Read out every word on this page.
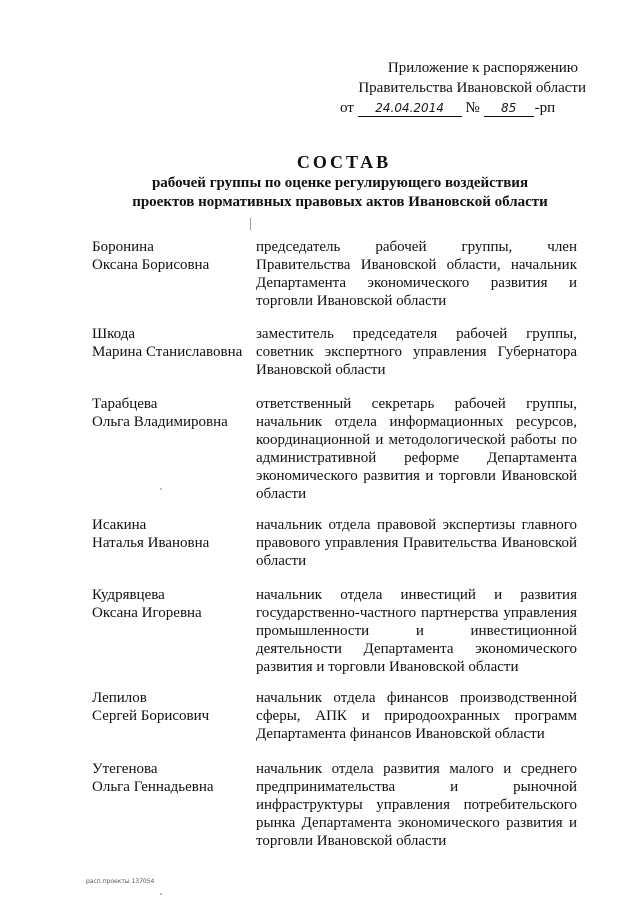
Приложение к распоряжению
Правительства Ивановской области
от 24.04.2014 № 85 -рп
СОСТАВ
рабочей группы по оценке регулирующего воздействия
проектов нормативных правовых актов Ивановской области
Боронина
Оксана Борисовна
председатель рабочей группы, член Правительства Ивановской области, начальник Департамента экономического развития и торговли Ивановской области
Шкода
Марина Станиславовна
заместитель председателя рабочей группы, советник экспертного управления Губернатора Ивановской области
Тарабцева
Ольга Владимировна
ответственный секретарь рабочей группы, начальник отдела информационных ресурсов, координационной и методологической работы по административной реформе Департамента экономического развития и торговли Ивановской области
Исакина
Наталья Ивановна
начальник отдела правовой экспертизы главного правового управления Правительства Ивановской области
Кудрявцева
Оксана Игоревна
начальник отдела инвестиций и развития государственно-частного партнерства управления промышленности и инвестиционной деятельности Департамента экономического развития и торговли Ивановской области
Лепилов
Сергей Борисович
начальник отдела финансов производственной сферы, АПК и природоохранных программ Департамента финансов Ивановской области
Утегенова
Ольга Геннадьевна
начальник отдела развития малого и среднего предпринимательства и рыночной инфраструктуры управления потребительского рынка Департамента экономического развития и торговли Ивановской области
расп.проекты 137054
